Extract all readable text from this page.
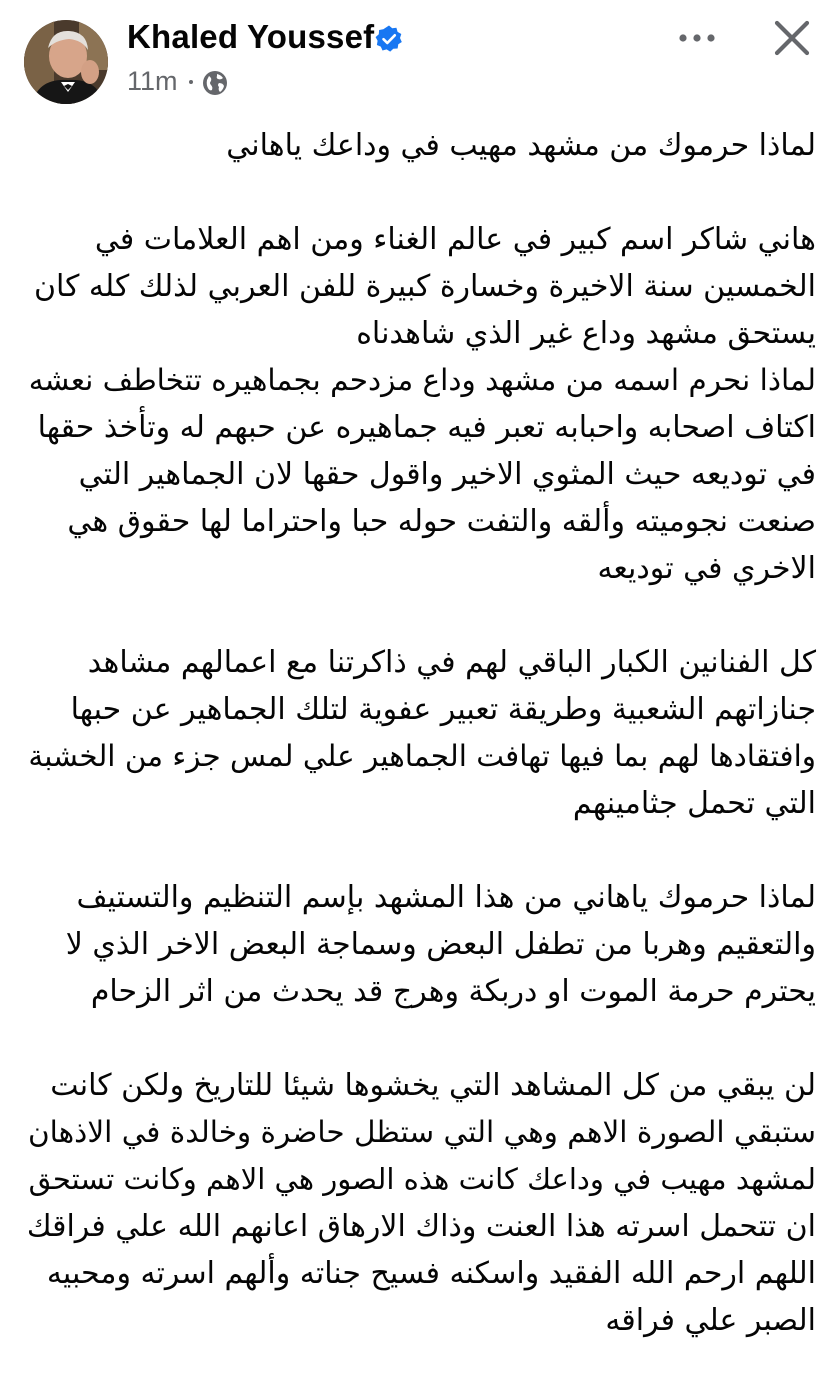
Khaled Youssef
11m
لماذا حرموك من مشهد مهيب في وداعك ياهاني
هاني شاكر اسم كبير في عالم الغناء ومن اهم العلامات في
الخمسين سنة الاخيرة وخسارة كبيرة للفن العربي لذلك كله كان
يستحق مشهد وداع غير الذي شاهدناه
لماذا نحرم اسمه من مشهد وداع مزدحم بجماهيره تتخاطف نعشه
اكتاف اصحابه واحبابه تعبر فيه جماهيره عن حبهم له وتأخذ حقها
في توديعه حيث المثوي الاخير واقول حقها لان الجماهير التي
صنعت نجوميته وألقه والتفت حوله حبا واحتراما لها حقوق هي
الاخري في توديعه
كل الفنانين الكبار الباقي لهم في ذاكرتنا مع اعمالهم مشاهد
جنازاتهم الشعبية وطريقة تعبير عفوية لتلك الجماهير عن حبها
وافتقادها لهم بما فيها تهافت الجماهير علي لمس جزء من الخشبة
التي تحمل جثامينهم
لماذا حرموك ياهاني من هذا المشهد بإسم التنظيم والتستيف
والتعقيم وهربا من تطفل البعض وسماجة البعض الاخر الذي لا
يحترم حرمة الموت او دربكة وهرج قد يحدث من اثر الزحام
لن يبقي من كل المشاهد التي يخشوها شيئا للتاريخ ولكن كانت
ستبقي الصورة الاهم وهي التي ستظل حاضرة وخالدة في الاذهان
لمشهد مهيب في وداعك كانت هذه الصور هي الاهم وكانت تستحق
ان تتحمل اسرته هذا العنت وذاك الارهاق اعانهم الله علي فراقك
اللهم ارحم الله الفقيد واسكنه فسيح جناته وألهم اسرته ومحبيه
الصبر علي فراقه
